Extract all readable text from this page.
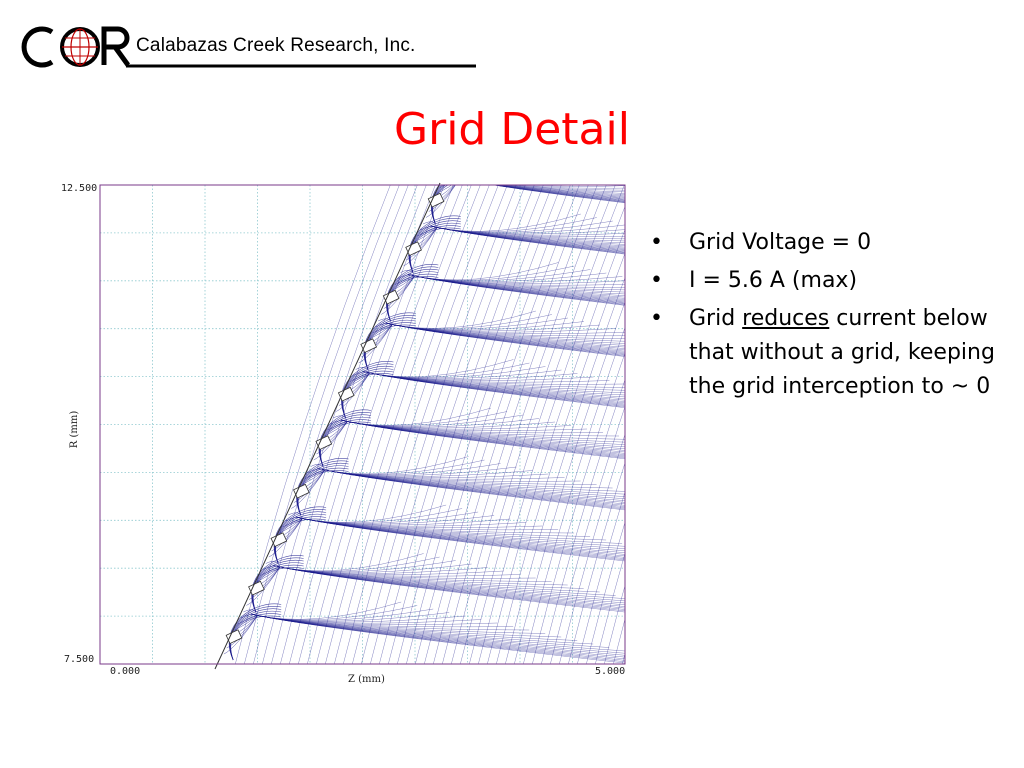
Calabazas Creek Research, Inc.
Grid Detail
12.500
7.500
0.000	5.000
Z (mm)
R (mm)
• Grid Voltage = 0
• I = 5.6 A (max)
• Grid reduces current below that without a grid, keeping the grid interception to ~ 0
